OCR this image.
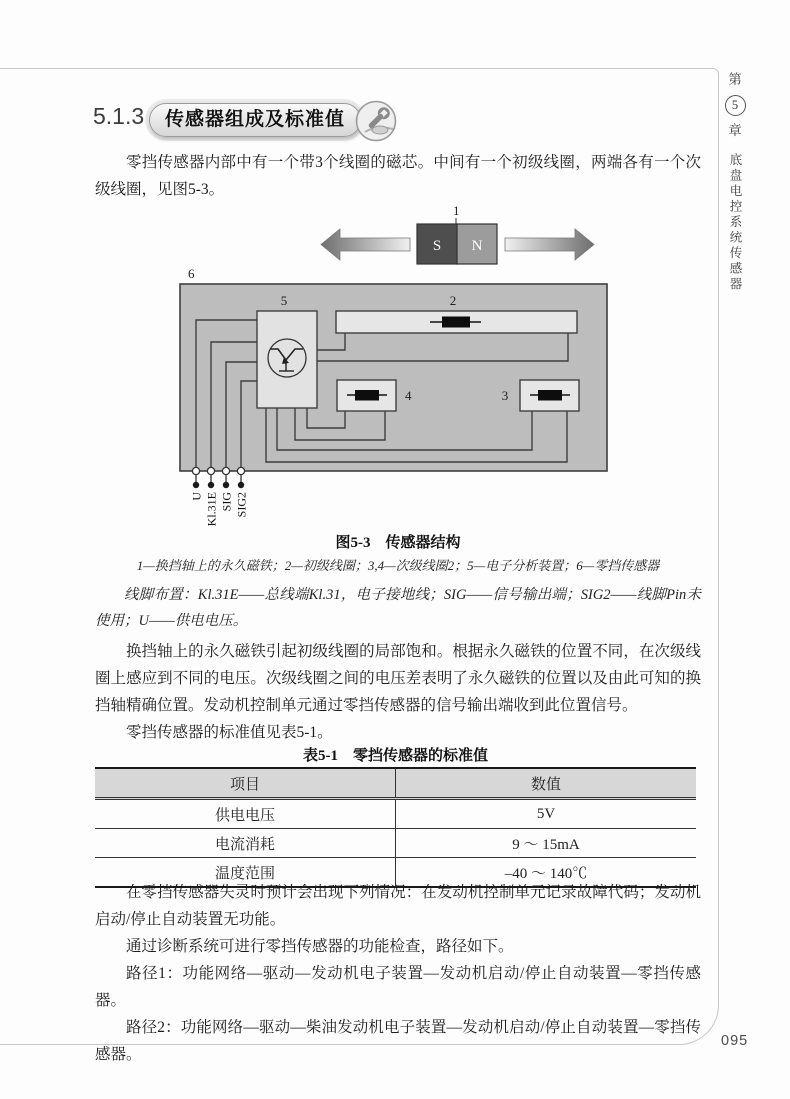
5.1.3	传感器组成及标准值

零挡传感器内部中有一个带3个线圈的磁芯。中间有一个初级线圈，两端各有一个次级线圈，见图5-3。

1
S N
6
5	2
4	3
U Kl.31E SIG SIG2
图5-3　传感器结构
1—换挡轴上的永久磁铁；2—初级线圈；3,4—次级线圈2；5—电子分析装置；6—零挡传感器

线脚布置：Kl.31E——总线端Kl.31，电子接地线；SIG——信号输出端；SIG2——线脚Pin未使用；U——供电电压。

换挡轴上的永久磁铁引起初级线圈的局部饱和。根据永久磁铁的位置不同，在次级线圈上感应到不同的电压。次级线圈之间的电压差表明了永久磁铁的位置以及由此可知的换挡轴精确位置。发动机控制单元通过零挡传感器的信号输出端收到此位置信号。

零挡传感器的标准值见表5-1。

表5-1　零挡传感器的标准值
项目	数值
供电电压	5V
电流消耗	9 ～ 15mA
温度范围	–40 ～ 140℃

在零挡传感器失灵时预计会出现下列情况：在发动机控制单元记录故障代码；发动机启动/停止自动装置无功能。

通过诊断系统可进行零挡传感器的功能检查，路径如下。

路径1：功能网络—驱动—发动机电子装置—发动机启动/停止自动装置—零挡传感器。

路径2：功能网络—驱动—柴油发动机电子装置—发动机启动/停止自动装置—零挡传感器。

第
5
章
底盘电控系统传感器
095
